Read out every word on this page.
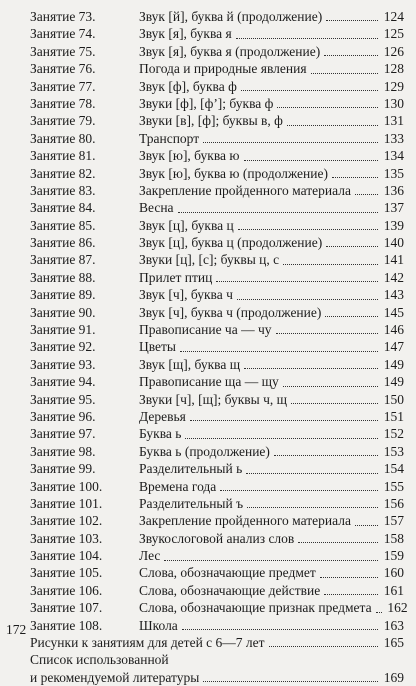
Занятие 73.	Звук [й], буква й (продолжение)	124
Занятие 74.	Звук [я], буква я	125
Занятие 75.	Звук [я], буква я (продолжение)	126
Занятие 76.	Погода и природные явления	128
Занятие 77.	Звук [ф], буква ф	129
Занятие 78.	Звуки [ф], [ф’]; буква ф	130
Занятие 79.	Звуки [в], [ф]; буквы в, ф	131
Занятие 80.	Транспорт	133
Занятие 81.	Звук [ю], буква ю	134
Занятие 82.	Звук [ю], буква ю (продолжение)	135
Занятие 83.	Закрепление пройденного материала 136
Занятие 84.	Весна	137
Занятие 85.	Звук [ц], буква ц	139
Занятие 86.	Звук [ц], буква ц (продолжение)	140
Занятие 87.	Звуки [ц], [с]; буквы ц, с	141
Занятие 88.	Прилет птиц	142
Занятие 89.	Звук [ч], буква ч	143
Занятие 90.	Звук [ч], буква ч (продолжение)	145
Занятие 91.	Правописание ча — чу	146
Занятие 92.	Цветы	147
Занятие 93.	Звук [щ], буква щ	149
Занятие 94.	Правописание ща — щу	149
Занятие 95.	Звуки [ч], [щ]; буквы ч, щ	150
Занятие 96.	Деревья	151
Занятие 97.	Буква ь	152
Занятие 98.	Буква ь (продолжение)	153
Занятие 99.	Разделительный ь	154
Занятие 100.	Времена года	155
Занятие 101.	Разделительный ъ	156
Занятие 102.	Закрепление пройденного материала 157
Занятие 103.	Звукослоговой анализ слов	158
Занятие 104.	Лес	159
Занятие 105.	Слова, обозначающие предмет	160
Занятие 106.	Слова, обозначающие действие	161
Занятие 107.	Слова, обозначающие признак предмета 162
Занятие 108.	Школа	163
Рисунки к занятиям для детей с 6—7 лет	165
Список использованной
и рекомендуемой литературы	169
172
